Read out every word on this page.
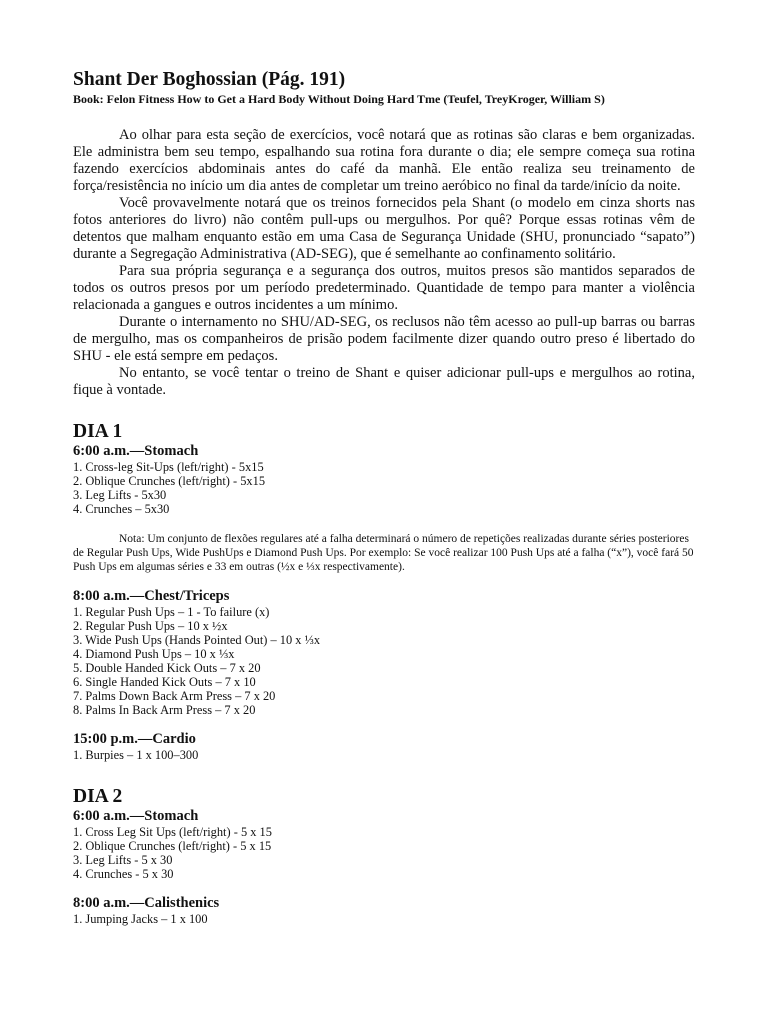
Shant Der Boghossian (Pág. 191)
Book: Felon Fitness How to Get a Hard Body Without Doing Hard Tme (Teufel, TreyKroger, William S)

Ao olhar para esta seção de exercícios, você notará que as rotinas são claras e bem organizadas. Ele administra bem seu tempo, espalhando sua rotina fora durante o dia; ele sempre começa sua rotina fazendo exercícios abdominais antes do café da manhã. Ele então realiza seu treinamento de força/resistência no início um dia antes de completar um treino aeróbico no final da tarde/início da noite.

Você provavelmente notará que os treinos fornecidos pela Shant (o modelo em cinza shorts nas fotos anteriores do livro) não contêm pull-ups ou mergulhos. Por quê? Porque essas rotinas vêm de detentos que malham enquanto estão em uma Casa de Segurança Unidade (SHU, pronunciado “sapato”) durante a Segregação Administrativa (AD-SEG), que é semelhante ao confinamento solitário.

Para sua própria segurança e a segurança dos outros, muitos presos são mantidos separados de todos os outros presos por um período predeterminado. Quantidade de tempo para manter a violência relacionada a gangues e outros incidentes a um mínimo.

Durante o internamento no SHU/AD-SEG, os reclusos não têm acesso ao pull-up barras ou barras de mergulho, mas os companheiros de prisão podem facilmente dizer quando outro preso é libertado do SHU - ele está sempre em pedaços.

No entanto, se você tentar o treino de Shant e quiser adicionar pull-ups e mergulhos ao rotina, fique à vontade.

DIA 1
6:00 a.m.—Stomach
1. Cross-leg Sit-Ups (left/right) - 5x15
2. Oblique Crunches (left/right) - 5x15
3. Leg Lifts - 5x30
4. Crunches – 5x30

Nota: Um conjunto de flexões regulares até a falha determinará o número de repetições realizadas durante séries posteriores de Regular Push Ups, Wide PushUps e Diamond Push Ups. Por exemplo: Se você realizar 100 Push Ups até a falha (“x”), você fará 50 Push Ups em algumas séries e 33 em outras (½x e ⅓x respectivamente).

8:00 a.m.—Chest/Triceps
1. Regular Push Ups – 1 - To failure (x)
2. Regular Push Ups – 10 x ½x
3. Wide Push Ups (Hands Pointed Out) – 10 x ⅓x
4. Diamond Push Ups – 10 x ⅓x
5. Double Handed Kick Outs – 7 x 20
6. Single Handed Kick Outs – 7 x 10
7. Palms Down Back Arm Press – 7 x 20
8. Palms In Back Arm Press – 7 x 20
15:00 p.m.—Cardio
1. Burpies – 1 x 100–300
DIA 2
6:00 a.m.—Stomach
1. Cross Leg Sit Ups (left/right) - 5 x 15
2. Oblique Crunches (left/right) - 5 x 15
3. Leg Lifts - 5 x 30
4. Crunches - 5 x 30
8:00 a.m.—Calisthenics
1. Jumping Jacks – 1 x 100
